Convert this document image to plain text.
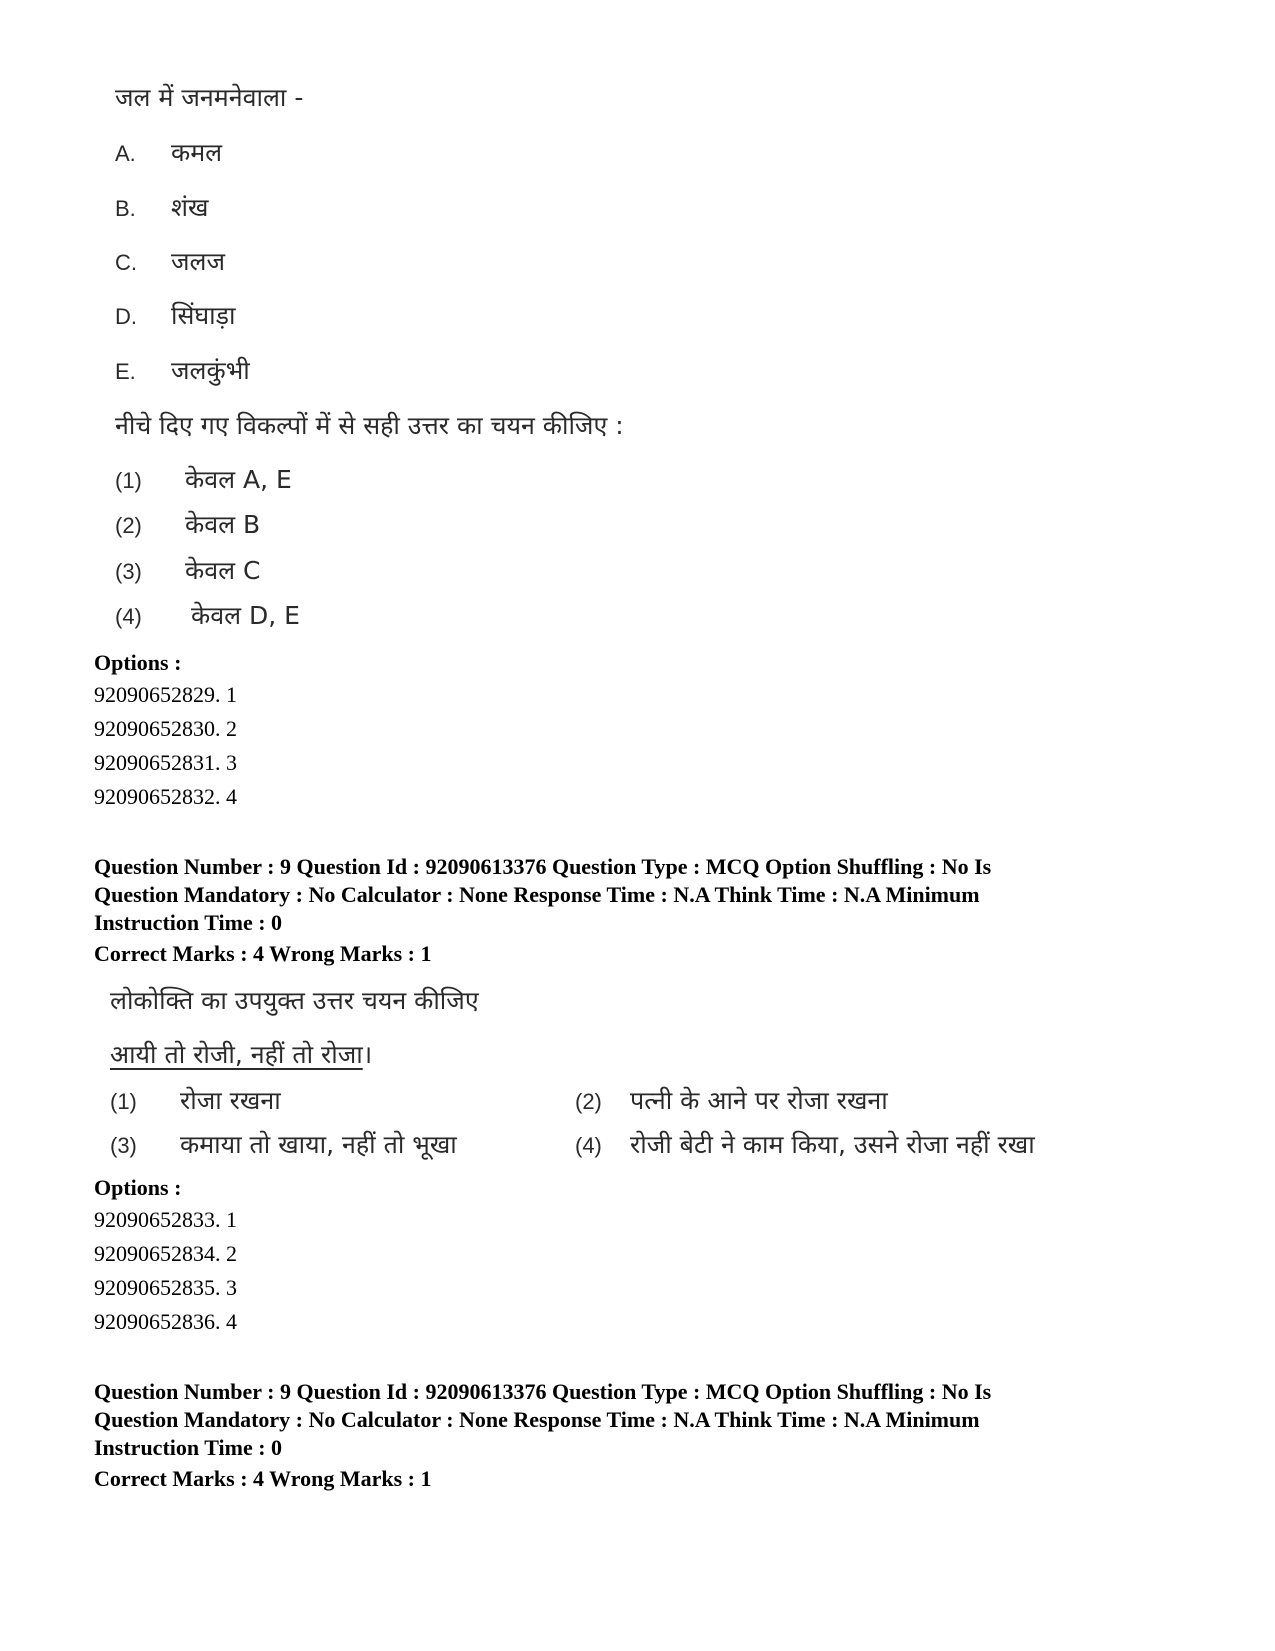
जल में जनमनेवाला -
A. कमल
B. शंख
C. जलज
D. सिंघाड़ा
E. जलकुंभी
नीचे दिए गए विकल्पों में से सही उत्तर का चयन कीजिए :
(1) केवल A, E
(2) केवल B
(3) केवल C
(4) केवल D, E
Options :
92090652829. 1
92090652830. 2
92090652831. 3
92090652832. 4
Question Number : 9 Question Id : 92090613376 Question Type : MCQ Option Shuffling : No Is
Question Mandatory : No Calculator : None Response Time : N.A Think Time : N.A Minimum
Instruction Time : 0
Correct Marks : 4 Wrong Marks : 1
लोकोक्ति का उपयुक्त उत्तर चयन कीजिए
आयी तो रोजी, नहीं तो रोजा।
(1) रोजा रखना	(2) पत्नी के आने पर रोजा रखना
(3) कमाया तो खाया, नहीं तो भूखा	(4) रोजी बेटी ने काम किया, उसने रोजा नहीं रखा
Options :
92090652833. 1
92090652834. 2
92090652835. 3
92090652836. 4
Question Number : 9 Question Id : 92090613376 Question Type : MCQ Option Shuffling : No Is
Question Mandatory : No Calculator : None Response Time : N.A Think Time : N.A Minimum
Instruction Time : 0
Correct Marks : 4 Wrong Marks : 1
